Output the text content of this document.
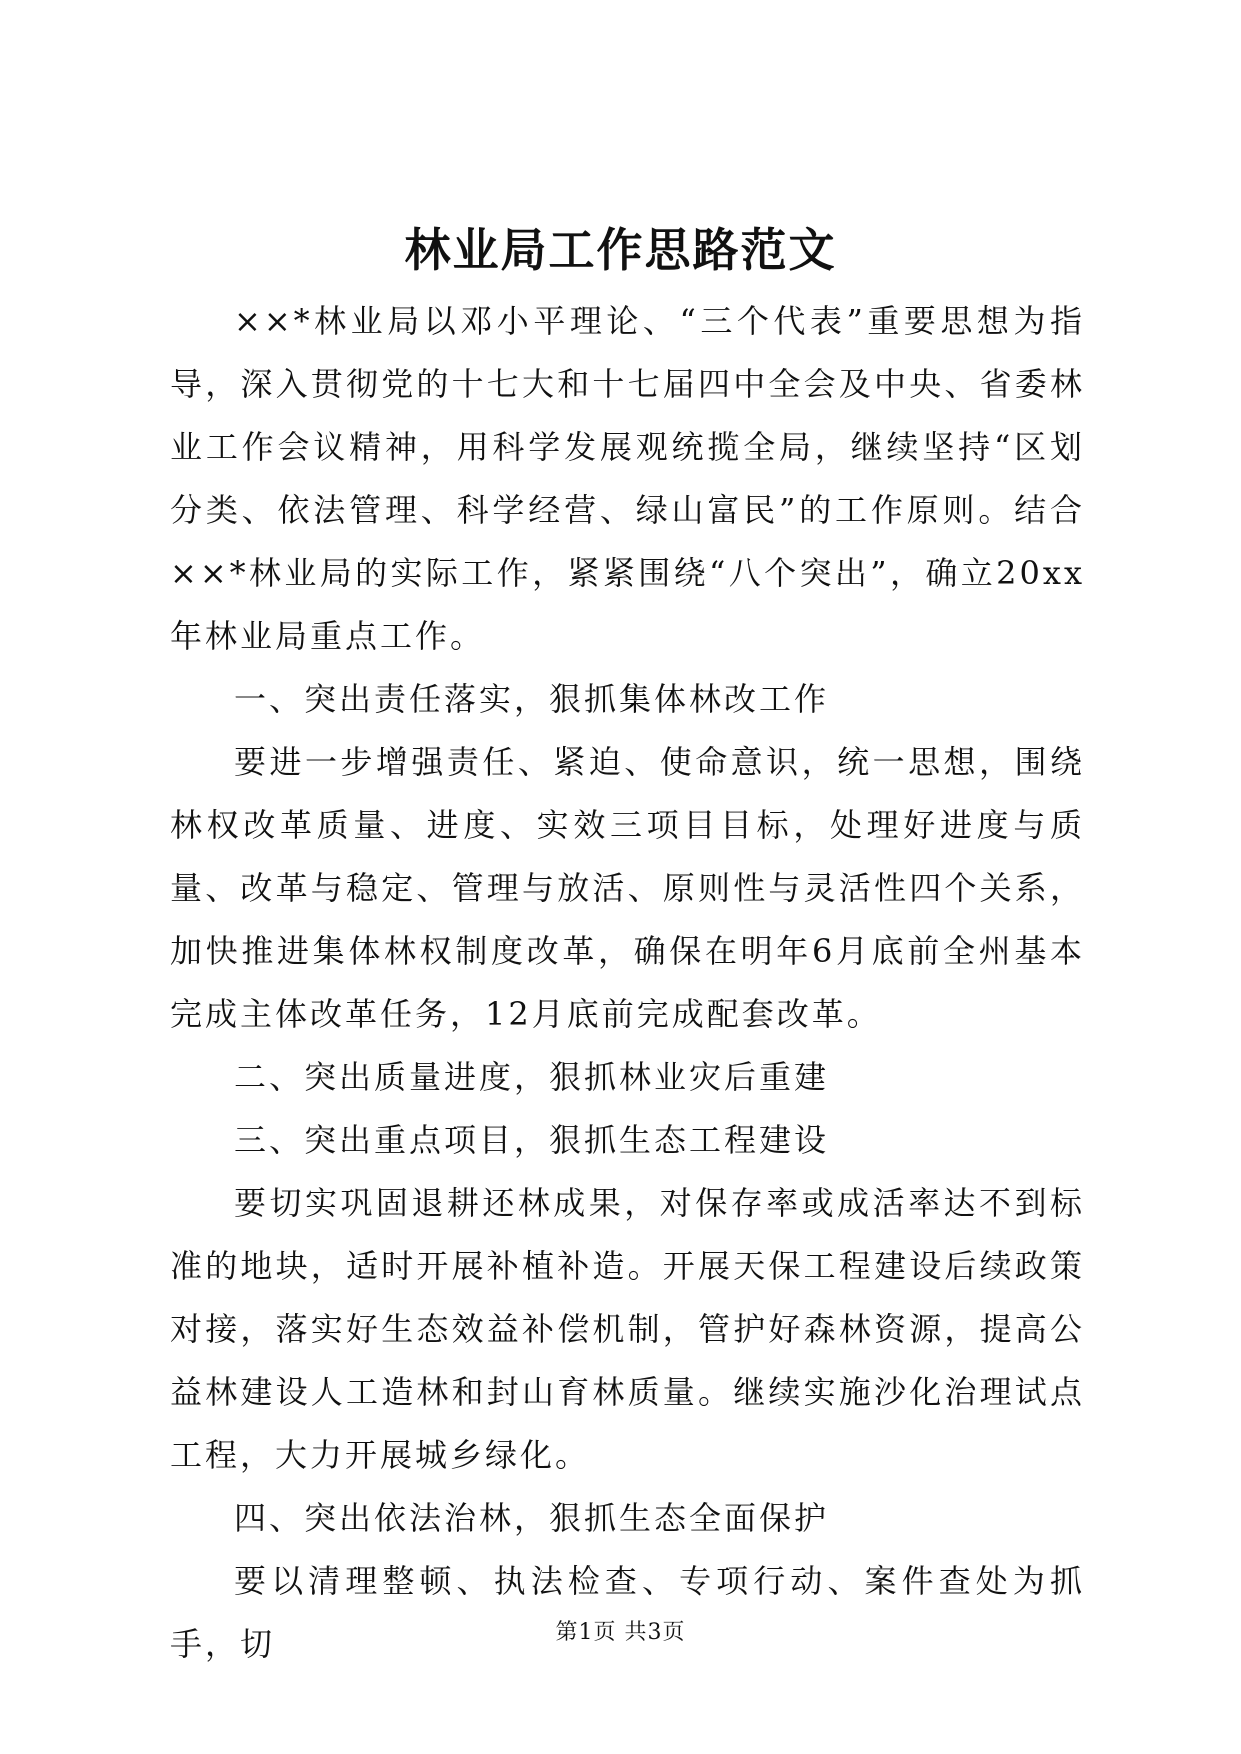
林业局工作思路范文

××*林业局以邓小平理论、“三个代表”重要思想为指导，深入贯彻党的十七大和十七届四中全会及中央、省委林业工作会议精神，用科学发展观统揽全局，继续坚持“区划分类、依法管理、科学经营、绿山富民”的工作原则。结合××*林业局的实际工作，紧紧围绕“八个突出”，确立20xx年林业局重点工作。

一、突出责任落实，狠抓集体林改工作

要进一步增强责任、紧迫、使命意识，统一思想，围绕林权改革质量、进度、实效三项目目标，处理好进度与质量、改革与稳定、管理与放活、原则性与灵活性四个关系，加快推进集体林权制度改革，确保在明年6月底前全州基本完成主体改革任务，12月底前完成配套改革。

二、突出质量进度，狠抓林业灾后重建

三、突出重点项目，狠抓生态工程建设

要切实巩固退耕还林成果，对保存率或成活率达不到标准的地块，适时开展补植补造。开展天保工程建设后续政策对接，落实好生态效益补偿机制，管护好森林资源，提高公益林建设人工造林和封山育林质量。继续实施沙化治理试点工程，大力开展城乡绿化。

四、突出依法治林，狠抓生态全面保护

要以清理整顿、执法检查、专项行动、案件查处为抓手，切	第1页 共3页
